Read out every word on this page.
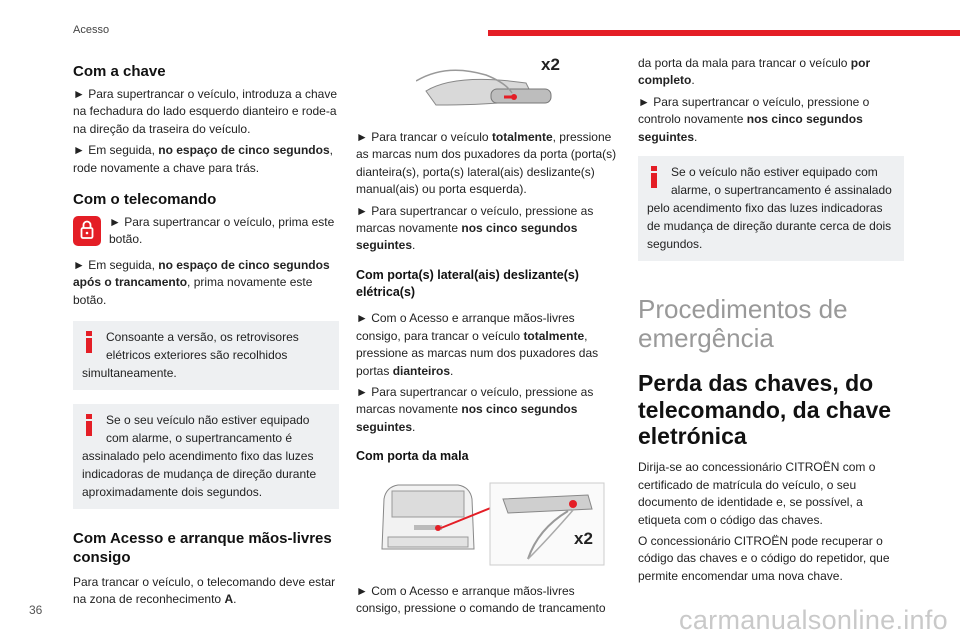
Acesso
Com a chave

► Para supertrancar o veículo, introduza a chave na fechadura do lado esquerdo dianteiro e rode-a na direção da traseira do veículo.

► Em seguida, no espaço de cinco segundos, rode novamente a chave para trás.

Com o telecomando

► Para supertrancar o veículo, prima este botão.

► Em seguida, no espaço de cinco segundos após o trancamento, prima novamente este botão.

Consoante a versão, os retrovisores elétricos exteriores são recolhidos simultaneamente.

Se o seu veículo não estiver equipado com alarme, o supertrancamento é assinalado pelo acendimento fixo das luzes indicadoras de mudança de direção durante aproximadamente dois segundos.

Com Acesso e arranque mãos-livres consigo

Para trancar o veículo, o telecomando deve estar na zona de reconhecimento A.

x2

► Para trancar o veículo totalmente, pressione as marcas num dos puxadores da porta (porta(s) dianteira(s), porta(s) lateral(ais) deslizante(s) manual(ais) ou porta esquerda).

► Para supertrancar o veículo, pressione as marcas novamente nos cinco segundos seguintes.

Com porta(s) lateral(ais) deslizante(s) elétrica(s)

► Com o Acesso e arranque mãos-livres consigo, para trancar o veículo totalmente, pressione as marcas num dos puxadores das portas dianteiros.

► Para supertrancar o veículo, pressione as marcas novamente nos cinco segundos seguintes.

Com porta da mala
x2

► Com o Acesso e arranque mãos-livres consigo, pressione o comando de trancamento

da porta da mala para trancar o veículo por completo.

► Para supertrancar o veículo, pressione o controlo novamente nos cinco segundos seguintes.

Se o veículo não estiver equipado com alarme, o supertrancamento é assinalado pelo acendimento fixo das luzes indicadoras de mudança de direção durante cerca de dois segundos.

Procedimentos de emergência
Perda das chaves, do telecomando, da chave eletrónica

Dirija-se ao concessionário CITROËN com o certificado de matrícula do veículo, o seu documento de identidade e, se possível, a etiqueta com o código das chaves.

O concessionário CITROËN pode recuperar o código das chaves e o código do repetidor, que permite encomendar uma nova chave.

36	carmanualsonline.info
